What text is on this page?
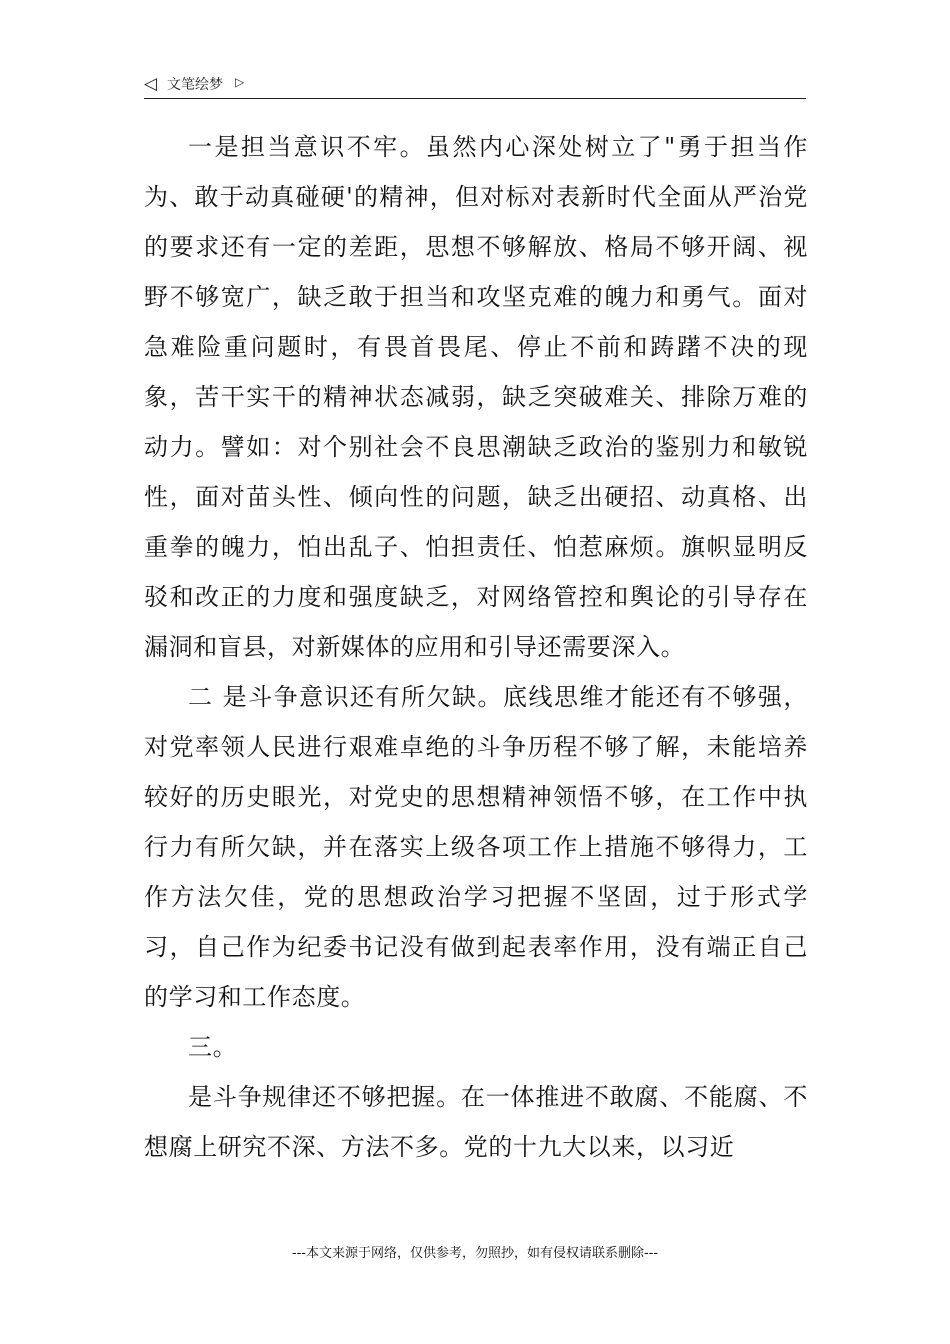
◁ 文笔绘梦 ▷

一是担当意识不牢。虽然内心深处树立了"勇于担当作为、敢于动真碰硬'的精神，但对标对表新时代全面从严治党的要求还有一定的差距，思想不够解放、格局不够开阔、视野不够宽广，缺乏敢于担当和攻坚克难的魄力和勇气。面对急难险重问题时，有畏首畏尾、停止不前和踌躇不决的现象，苦干实干的精神状态减弱，缺乏突破难关、排除万难的动力。譬如：对个别社会不良思潮缺乏政治的鉴别力和敏锐 性，面对苗头性、倾向性的问题，缺乏出硬招、动真格、出重拳的魄力，怕出乱子、怕担责任、怕惹麻烦。旗帜显明反驳和改正的力度和强度缺乏，对网络管控和舆论的引导存在漏洞和盲县，对新媒体的应用和引导还需要深入。

二 是斗争意识还有所欠缺。底线思维才能还有不够强，对党率领人民进行艰难卓绝的斗争历程不够了解，未能培养较好的历史眼光，对党史的思想精神领悟不够，在工作中执行力有所欠缺，并在落实上级各项工作上措施不够得力，工作方法欠佳，党的思想政治学习把握不坚固，过于形式学习，自己作为纪委书记没有做到起表率作用，没有端正自己的学习和工作态度。

三。

是斗争规律还不够把握。在一体推进不敢腐、不能腐、不想腐上研究不深、方法不多。党的十九大以来，以习近

---本文来源于网络，仅供参考，勿照抄，如有侵权请联系删除---
